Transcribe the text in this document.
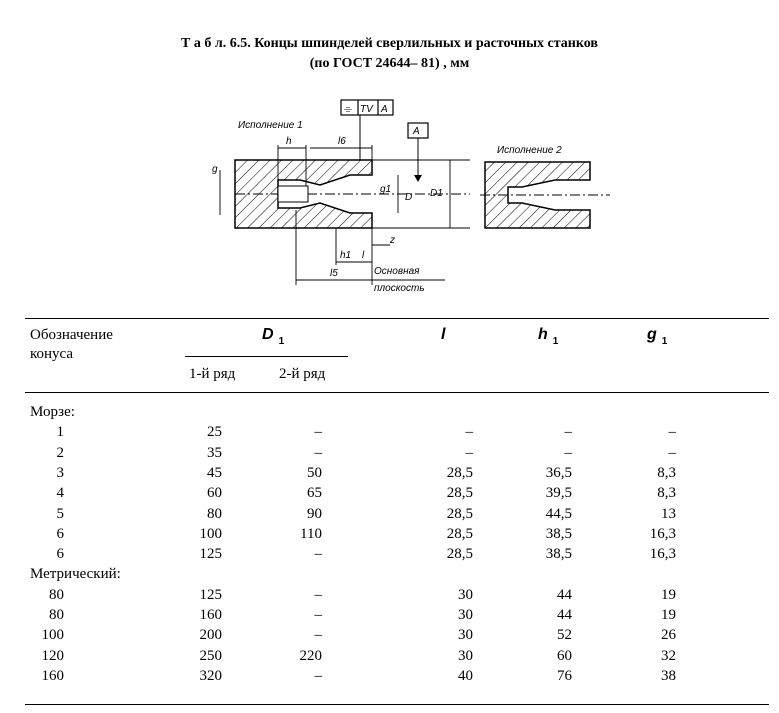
Т а б л. 6.5. Концы шпинделей сверлильных и расточных станков
(по ГОСТ 24644– 81) , мм
⌯ TV A
A
Исполнение 1
h	l6
g
g1
D D1
h1 l
l5
z
Основная
плоскость
Исполнение 2
Обозначение конуса
D $_1$
1-й ряд	2-й ряд
l	h $_1$	g $_1$
Морзе:
1	25	–	–	–	–
2	35	–	–	–	–
3	45	50	28,5	36,5	8,3
4	60	65	28,5	39,5	8,3
5	80	90	28,5	44,5	13
6	100	110	28,5	38,5	16,3
6	125	–	28,5	38,5	16,3
Метрический:
80	125	–	30	44	19
80	160	–	30	44	19
100	200	–	30	52	26
120	250	220	30	60	32
160	320	–	40	76	38
